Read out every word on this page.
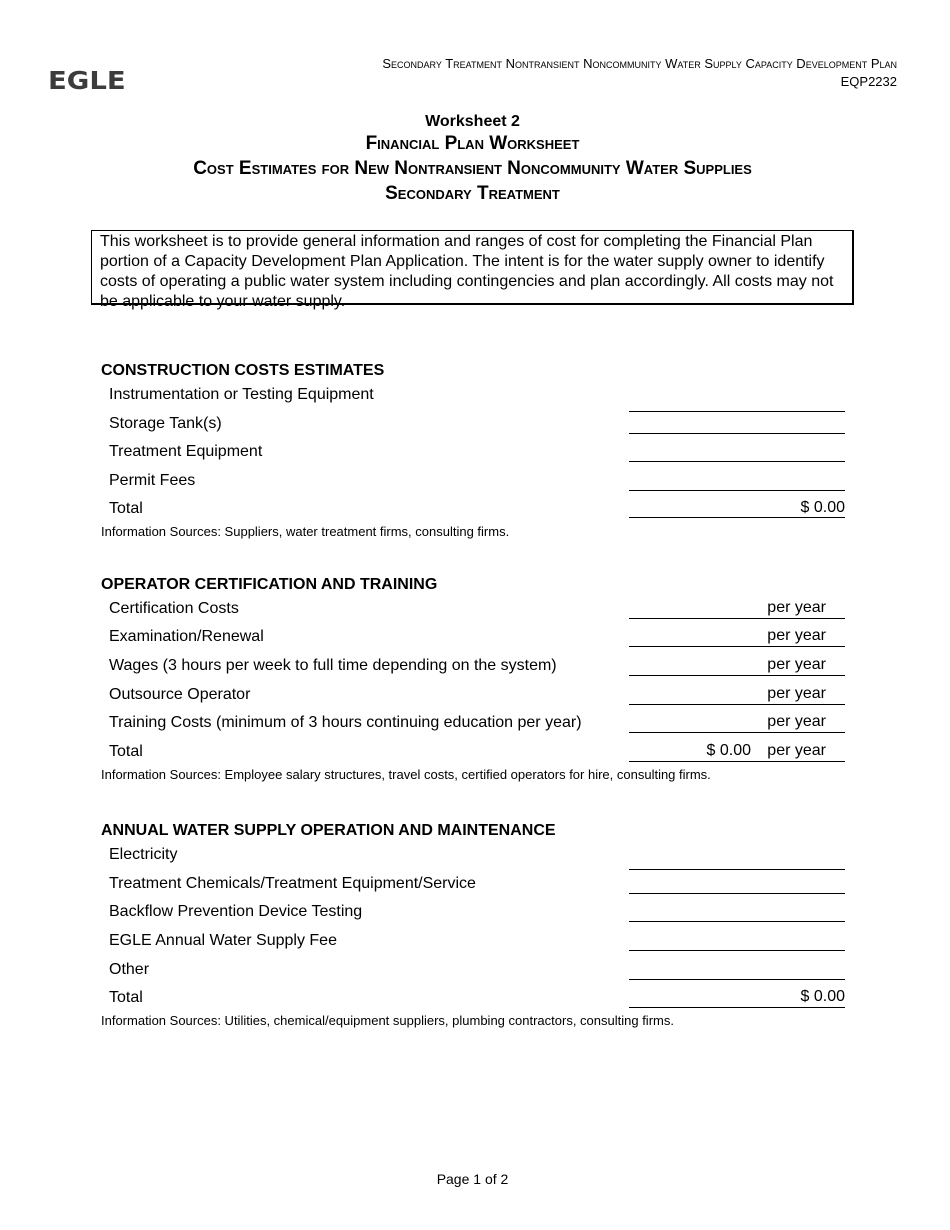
EGLE
Secondary Treatment Nontransient Noncommunity Water Supply Capacity Development Plan
EQP2232
Worksheet 2
Financial Plan Worksheet
Cost Estimates for New Nontransient Noncommunity Water Supplies
Secondary Treatment
This worksheet is to provide general information and ranges of cost for completing the Financial Plan portion of a Capacity Development Plan Application. The intent is for the water supply owner to identify costs of operating a public water system including contingencies and plan accordingly. All costs may not be applicable to your water supply.
CONSTRUCTION COSTS ESTIMATES
Instrumentation or Testing Equipment
Storage Tank(s)
Treatment Equipment
Permit Fees
Total	$ 0.00
Information Sources: Suppliers, water treatment firms, consulting firms.
OPERATOR CERTIFICATION AND TRAINING
Certification Costs	per year
Examination/Renewal	per year
Wages (3 hours per week to full time depending on the system)	per year
Outsource Operator	per year
Training Costs (minimum of 3 hours continuing education per year)	per year
Total	$ 0.00 per year
Information Sources: Employee salary structures, travel costs, certified operators for hire, consulting firms.
ANNUAL WATER SUPPLY OPERATION AND MAINTENANCE
Electricity
Treatment Chemicals/Treatment Equipment/Service
Backflow Prevention Device Testing
EGLE Annual Water Supply Fee
Other
Total	$ 0.00
Information Sources: Utilities, chemical/equipment suppliers, plumbing contractors, consulting firms.
Page 1 of 2
